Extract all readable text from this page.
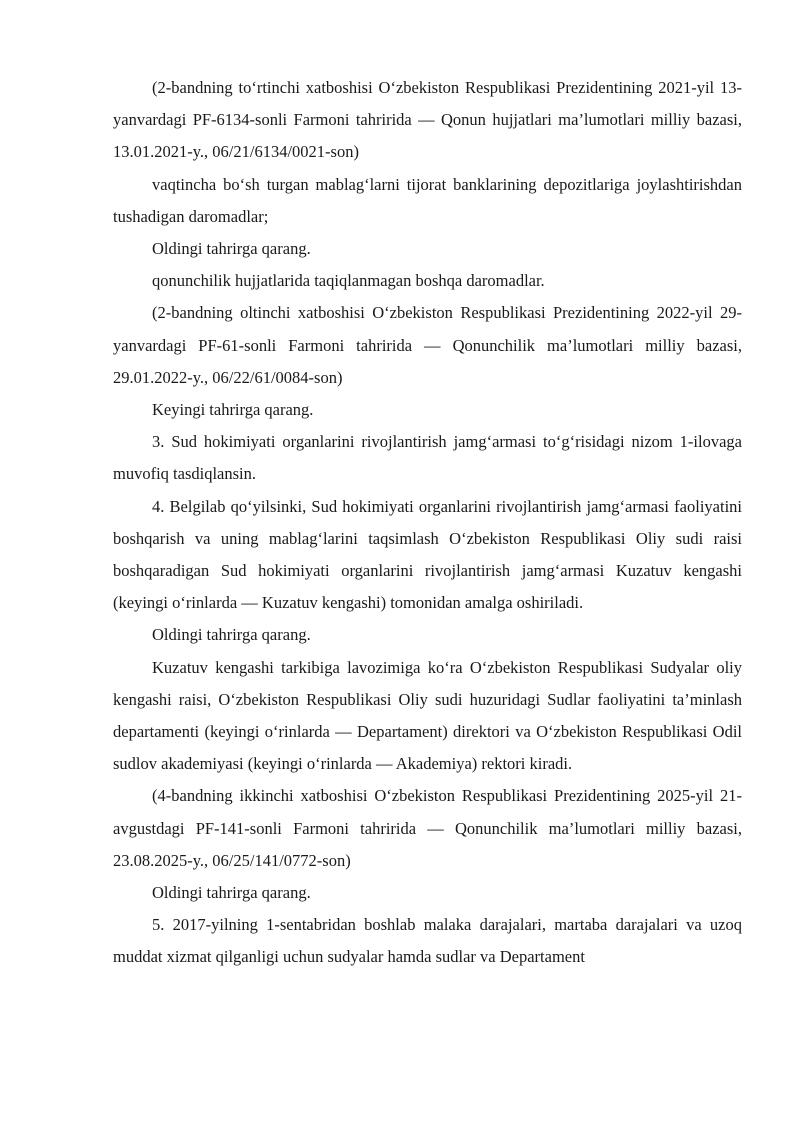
(2-bandning to‘rtinchi xatboshisi O‘zbekiston Respublikasi Prezidentining 2021-yil 13-yanvardagi PF-6134-sonli Farmoni tahririda — Qonun hujjatlari ma’lumotlari milliy bazasi, 13.01.2021-y., 06/21/6134/0021-son)

vaqtincha bo‘sh turgan mablag‘larni tijorat banklarining depozitlariga joylashtirishdan tushadigan daromadlar;

Oldingi tahrirga qarang.

qonunchilik hujjatlarida taqiqlanmagan boshqa daromadlar.

(2-bandning oltinchi xatboshisi O‘zbekiston Respublikasi Prezidentining 2022-yil 29-yanvardagi PF-61-sonli Farmoni tahririda — Qonunchilik ma’lumotlari milliy bazasi, 29.01.2022-y., 06/22/61/0084-son)

Keyingi tahrirga qarang.

3. Sud hokimiyati organlarini rivojlantirish jamg‘armasi to‘g‘risidagi nizom 1-ilovaga muvofiq tasdiqlansin.

4. Belgilab qo‘yilsinki, Sud hokimiyati organlarini rivojlantirish jamg‘armasi faoliyatini boshqarish va uning mablag‘larini taqsimlash O‘zbekiston Respublikasi Oliy sudi raisi boshqaradigan Sud hokimiyati organlarini rivojlantirish jamg‘armasi Kuzatuv kengashi (keyingi o‘rinlarda — Kuzatuv kengashi) tomonidan amalga oshiriladi.

Oldingi tahrirga qarang.

Kuzatuv kengashi tarkibiga lavozimiga ko‘ra O‘zbekiston Respublikasi Sudyalar oliy kengashi raisi, O‘zbekiston Respublikasi Oliy sudi huzuridagi Sudlar faoliyatini ta’minlash departamenti (keyingi o‘rinlarda — Departament) direktori va O‘zbekiston Respublikasi Odil sudlov akademiyasi (keyingi o‘rinlarda — Akademiya) rektori kiradi.

(4-bandning ikkinchi xatboshisi O‘zbekiston Respublikasi Prezidentining 2025-yil 21-avgustdagi PF-141-sonli Farmoni tahririda — Qonunchilik ma’lumotlari milliy bazasi, 23.08.2025-y., 06/25/141/0772-son)

Oldingi tahrirga qarang.

5. 2017-yilning 1-sentabridan boshlab malaka darajalari, martaba darajalari va uzoq muddat xizmat qilganligi uchun sudyalar hamda sudlar va Departament
